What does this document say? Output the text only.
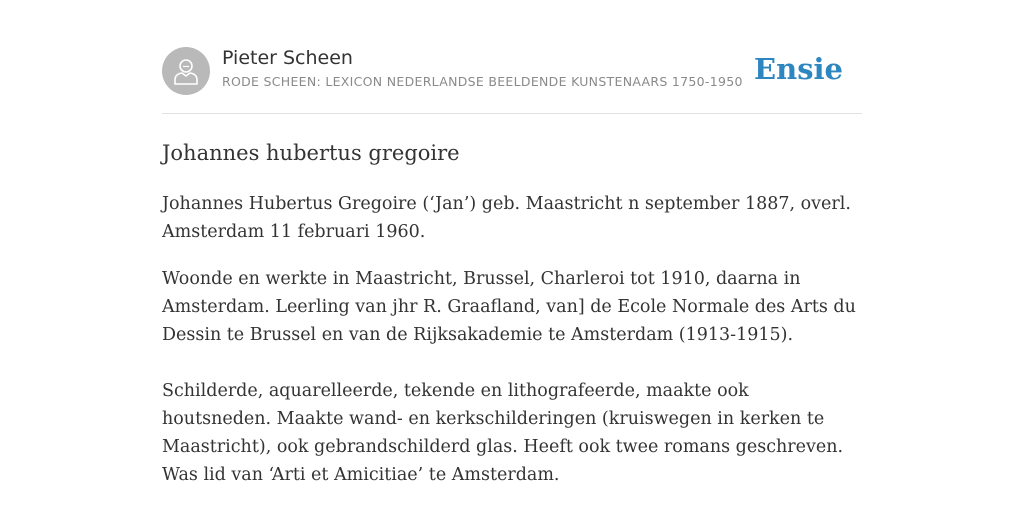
Pieter Scheen
RODE SCHEEN: LEXICON NEDERLANDSE BEELDENDE KUNSTENAARS 1750-1950 Ensie
Johannes hubertus gregoire

Johannes Hubertus Gregoire (‘Jan’) geb. Maastricht n september 1887, overl. Amsterdam 11 februari 1960.

Woonde en werkte in Maastricht, Brussel, Charleroi tot 1910, daarna in Amsterdam. Leerling van jhr R. Graafland, van] de Ecole Normale des Arts du Dessin te Brussel en van de Rijksakademie te Amsterdam (1913-1915).

Schilderde, aquarelleerde, tekende en lithografeerde, maakte ook houtsneden. Maakte wand- en kerkschilderingen (kruiswegen in kerken te Maastricht), ook gebrandschilderd glas. Heeft ook twee romans geschreven. Was lid van ‘Arti et Amicitiae’ te Amsterdam.
